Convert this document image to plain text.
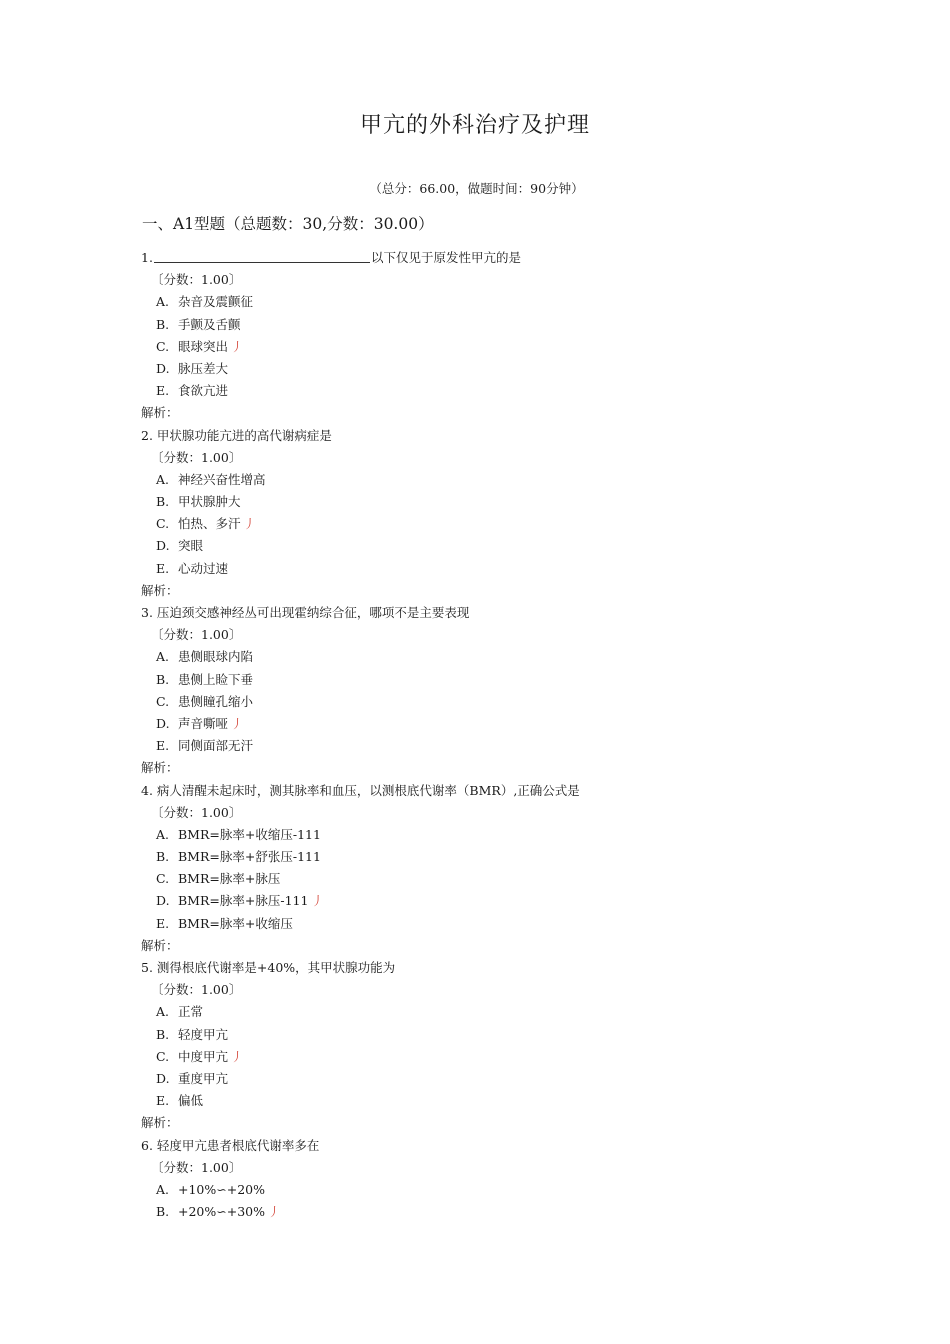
甲亢的外科治疗及护理
（总分：66.00，做题时间：90分钟）
一、A1型题（总题数：30,分数：30.00）
1.	以下仅见于原发性甲亢的是
〔分数：1.00〕
A. 杂音及震颤征
B. 手颤及舌颤
C. 眼球突出 丿
D. 脉压差大
E. 食欲亢进
解析：
2. 甲状腺功能亢进的高代谢病症是
〔分数：1.00〕
A. 神经兴奋性增高
B. 甲状腺肿大
C. 怕热、多汗 丿
D. 突眼
E. 心动过速
解析：
3. 压迫颈交感神经丛可出现霍纳综合征，哪项不是主要表现
〔分数：1.00〕
A. 患侧眼球内陷
B. 患侧上睑下垂
C. 患侧瞳孔缩小
D. 声音嘶哑 丿
E. 同侧面部无汗
解析：
4. 病人清醒未起床时，测其脉率和血压，以测根底代谢率（BMR）,正确公式是
〔分数：1.00〕
A. BMR=脉率+收缩压-111
B. BMR=脉率+舒张压-111
C. BMR=脉率+脉压
D. BMR=脉率+脉压-111 丿
E. BMR=脉率+收缩压
解析：
5. 测得根底代谢率是+40%，其甲状腺功能为
〔分数：1.00〕
A. 正常
B. 轻度甲亢
C. 中度甲亢 丿
D. 重度甲亢
E. 偏低
解析：
6. 轻度甲亢患者根底代谢率多在
〔分数：1.00〕
A. +10%∽+20%
B. +20%∽+30% 丿
